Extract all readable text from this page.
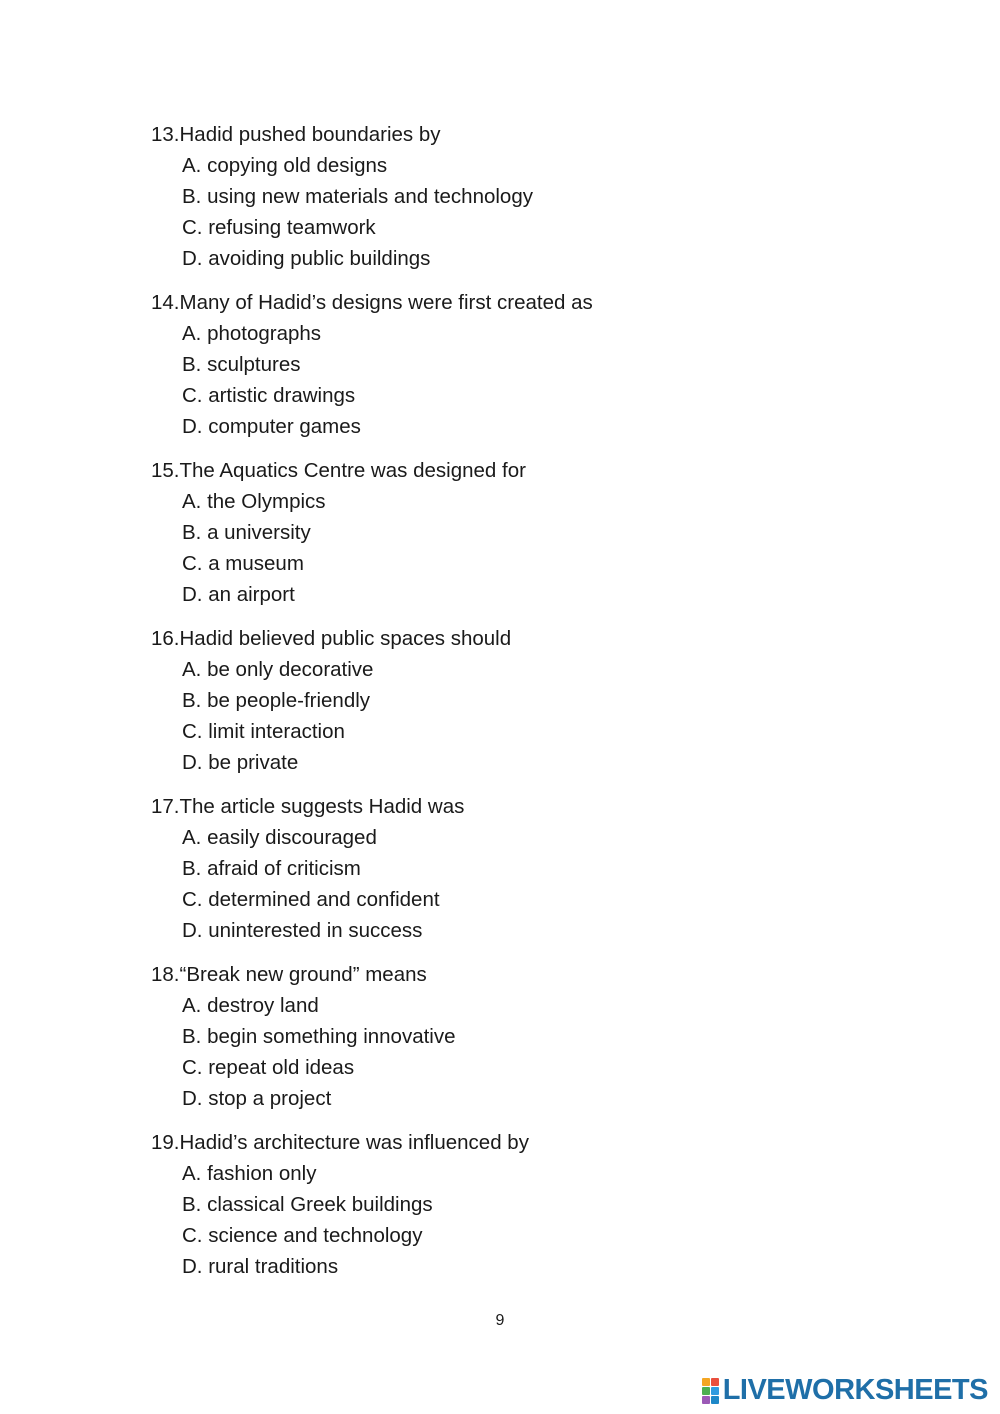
13.Hadid pushed boundaries by
A. copying old designs
B. using new materials and technology
C. refusing teamwork
D. avoiding public buildings
14.Many of Hadid’s designs were first created as
A. photographs
B. sculptures
C. artistic drawings
D. computer games
15.The Aquatics Centre was designed for
A. the Olympics
B. a university
C. a museum
D. an airport
16.Hadid believed public spaces should
A. be only decorative
B. be people-friendly
C. limit interaction
D. be private
17.The article suggests Hadid was
A. easily discouraged
B. afraid of criticism
C. determined and confident
D. uninterested in success
18.“Break new ground” means
A. destroy land
B. begin something innovative
C. repeat old ideas
D. stop a project
19.Hadid’s architecture was influenced by
A. fashion only
B. classical Greek buildings
C. science and technology
D. rural traditions
9
LIVEWORKSHEETS
